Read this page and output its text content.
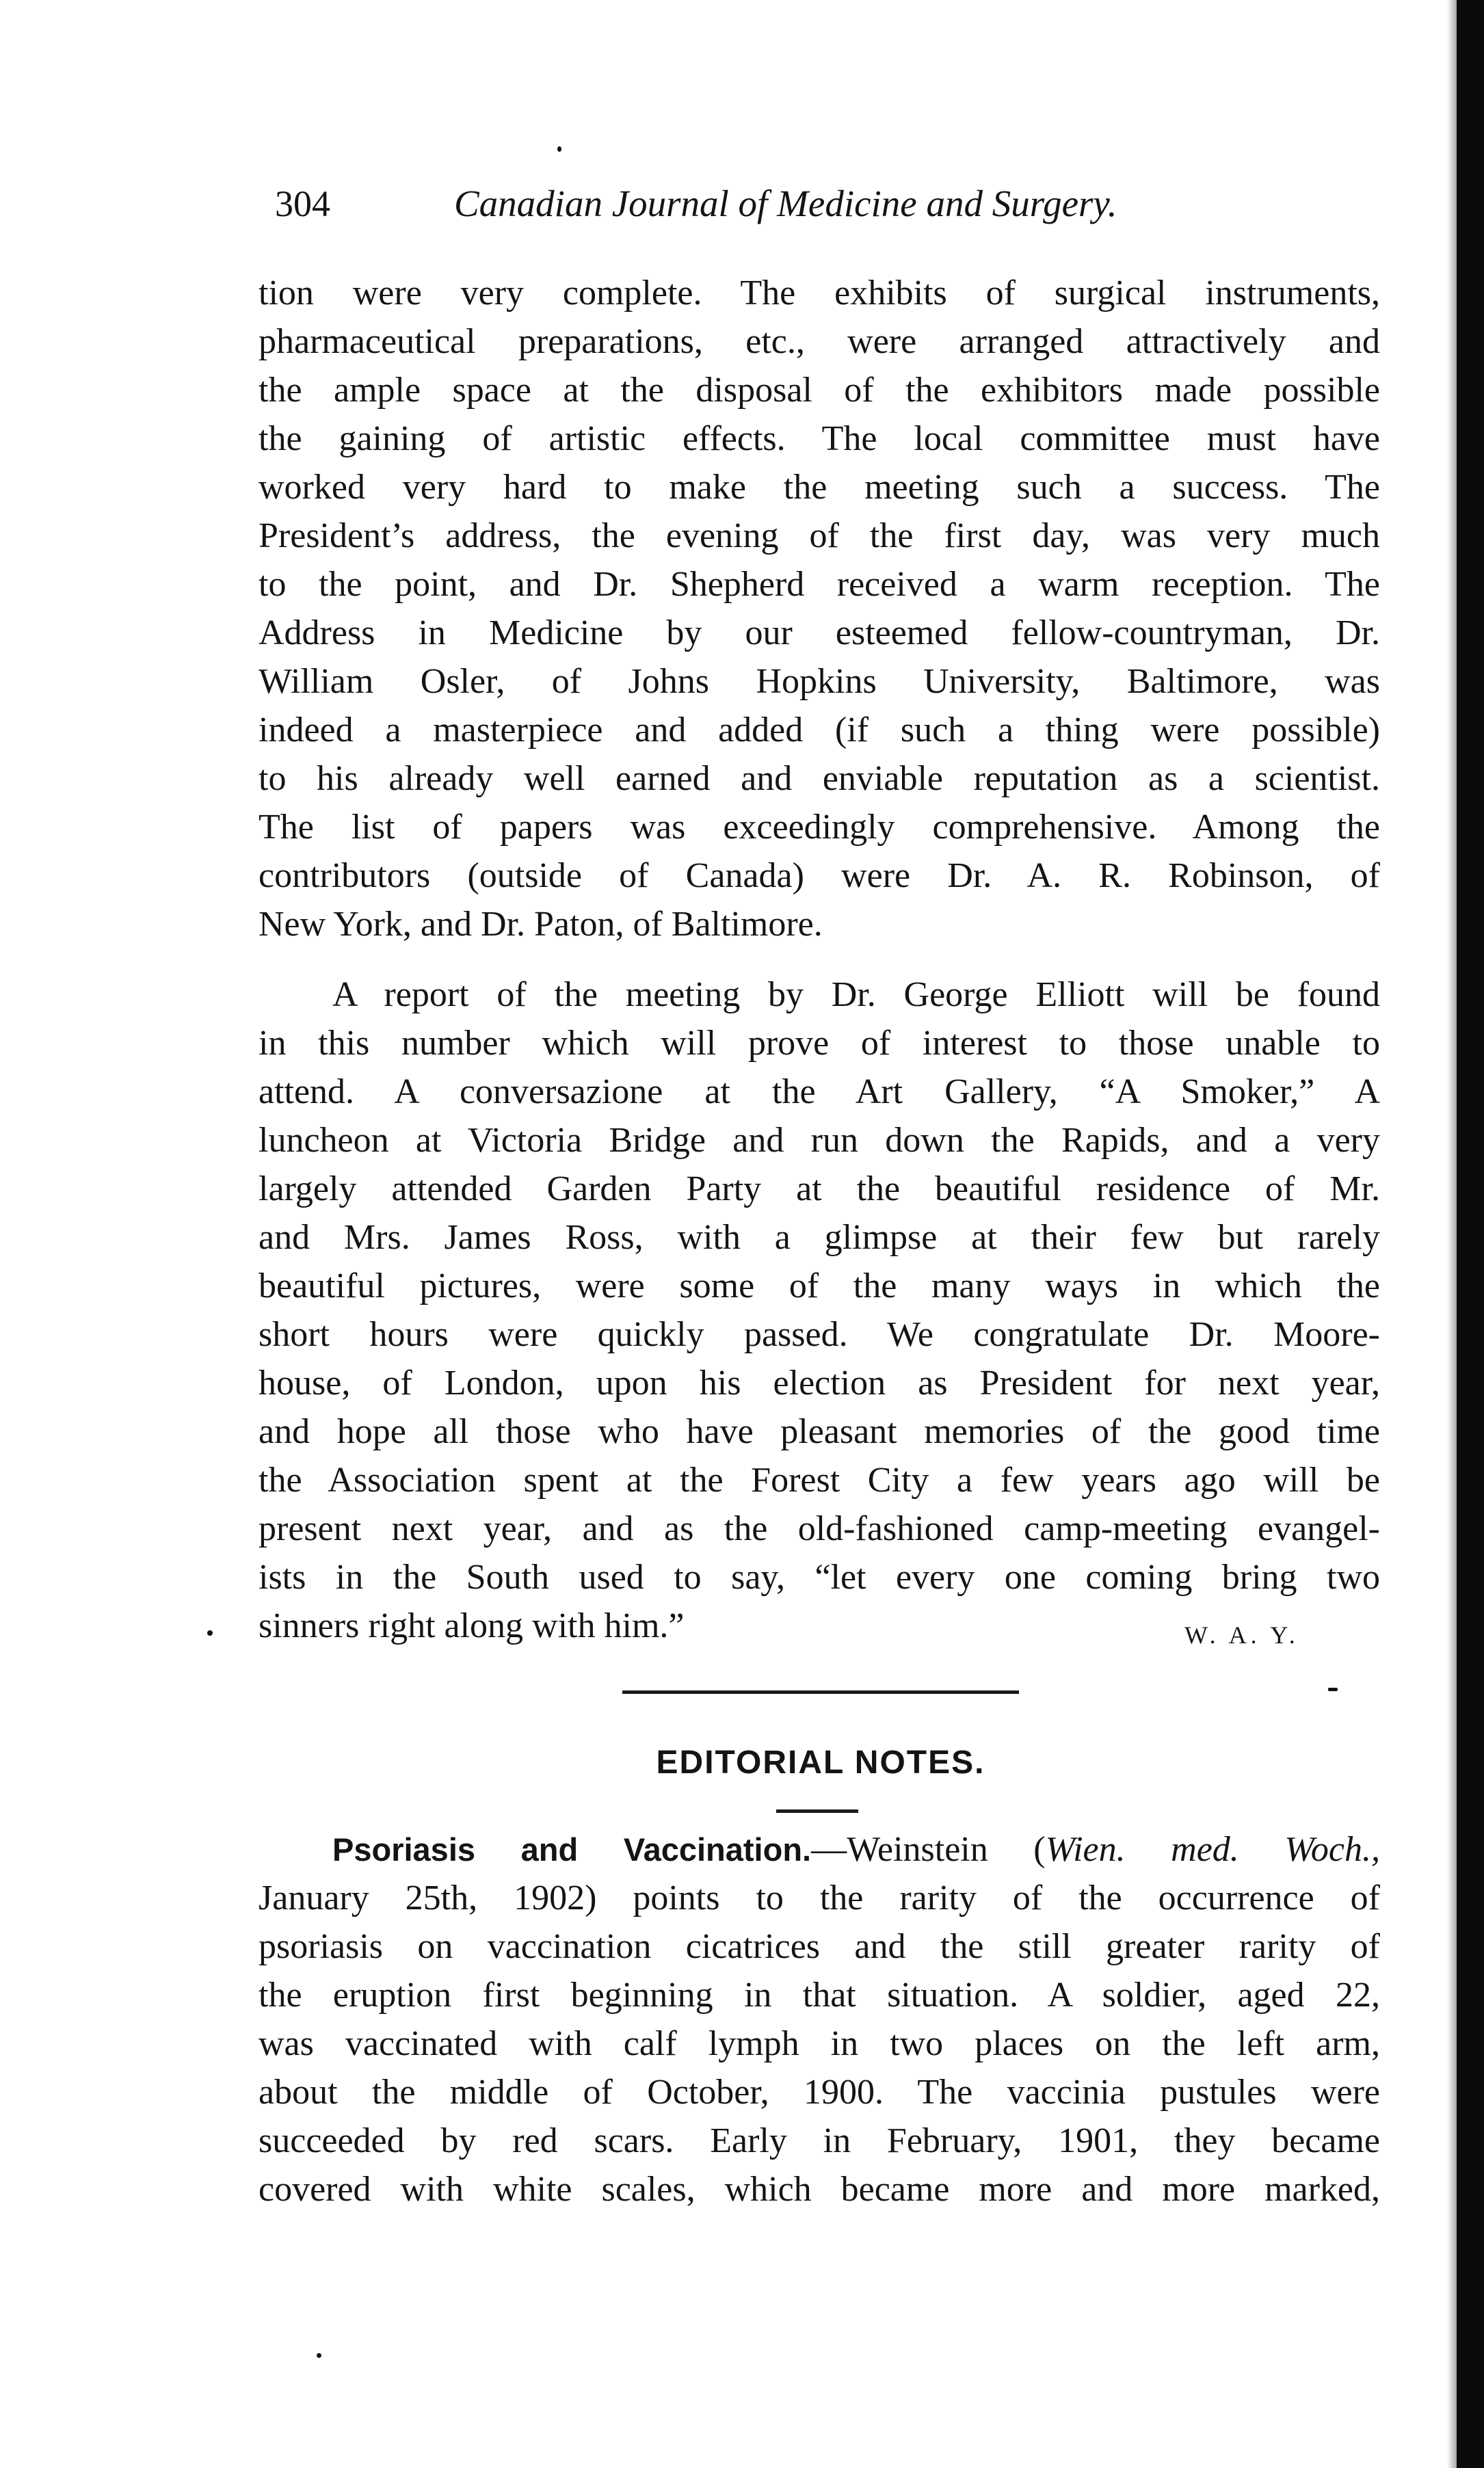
304	Canadian Journal of Medicine and Surgery.
tion were very complete. The exhibits of surgical instruments,
pharmaceutical preparations, etc., were arranged attractively and
the ample space at the disposal of the exhibitors made possible
the gaining of artistic effects. The local committee must have
worked very hard to make the meeting such a success. The
President’s address, the evening of the first day, was very much
to the point, and Dr. Shepherd received a warm reception. The
Address in Medicine by our esteemed fellow-countryman, Dr.
William Osler, of Johns Hopkins University, Baltimore, was
indeed a masterpiece and added (if such a thing were possible)
to his already well earned and enviable reputation as a scientist.
The list of papers was exceedingly comprehensive. Among the
contributors (outside of Canada) were Dr. A. R. Robinson, of
New York, and Dr. Paton, of Baltimore.
A report of the meeting by Dr. George Elliott will be found
in this number which will prove of interest to those unable to
attend. A conversazione at the Art Gallery, “A Smoker,” A
luncheon at Victoria Bridge and run down the Rapids, and a very
largely attended Garden Party at the beautiful residence of Mr.
and Mrs. James Ross, with a glimpse at their few but rarely
beautiful pictures, were some of the many ways in which the
short hours were quickly passed. We congratulate Dr. Moore-
house, of London, upon his election as President for next year,
and hope all those who have pleasant memories of the good time
the Association spent at the Forest City a few years ago will be
present next year, and as the old-fashioned camp-meeting evangel-
ists in the South used to say, “let every one coming bring two
sinners right along with him.”	W. A. Y.
EDITORIAL NOTES.
Psoriasis and Vaccination.—Weinstein (Wien. med. Woch.,
January 25th, 1902) points to the rarity of the occurrence of
psoriasis on vaccination cicatrices and the still greater rarity of
the eruption first beginning in that situation. A soldier, aged 22,
was vaccinated with calf lymph in two places on the left arm,
about the middle of October, 1900. The vaccinia pustules were
succeeded by red scars. Early in February, 1901, they became
covered with white scales, which became more and more marked,
